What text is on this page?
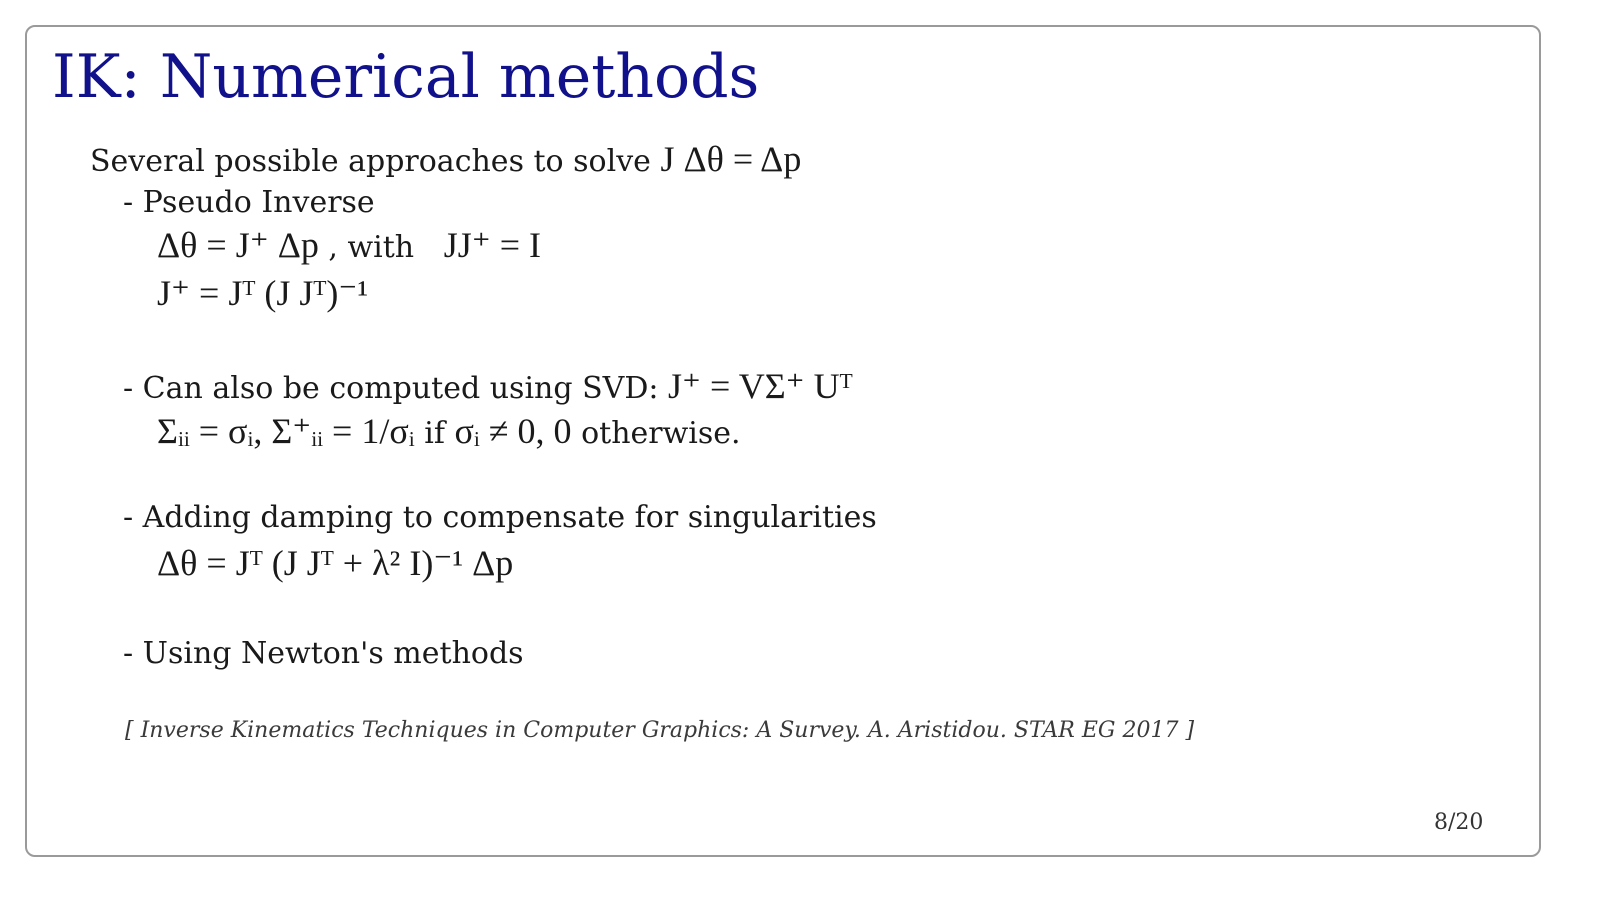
IK: Numerical methods
Several possible approaches to solve J Δθ = Δp
- Pseudo Inverse
Δθ = J⁺ Δp , with JJ⁺ = I
J⁺ = Jᵀ (J Jᵀ)⁻¹
- Can also be computed using SVD: J⁺ = VΣ⁺ Uᵀ
Σᵢᵢ = σᵢ, Σ⁺ᵢᵢ = 1/σᵢ if σᵢ ≠ 0, 0 otherwise.
- Adding damping to compensate for singularities
Δθ = Jᵀ (J Jᵀ + λ² I)⁻¹ Δp
- Using Newton's methods
[ Inverse Kinematics Techniques in Computer Graphics: A Survey. A. Aristidou. STAR EG 2017 ]
8/20
